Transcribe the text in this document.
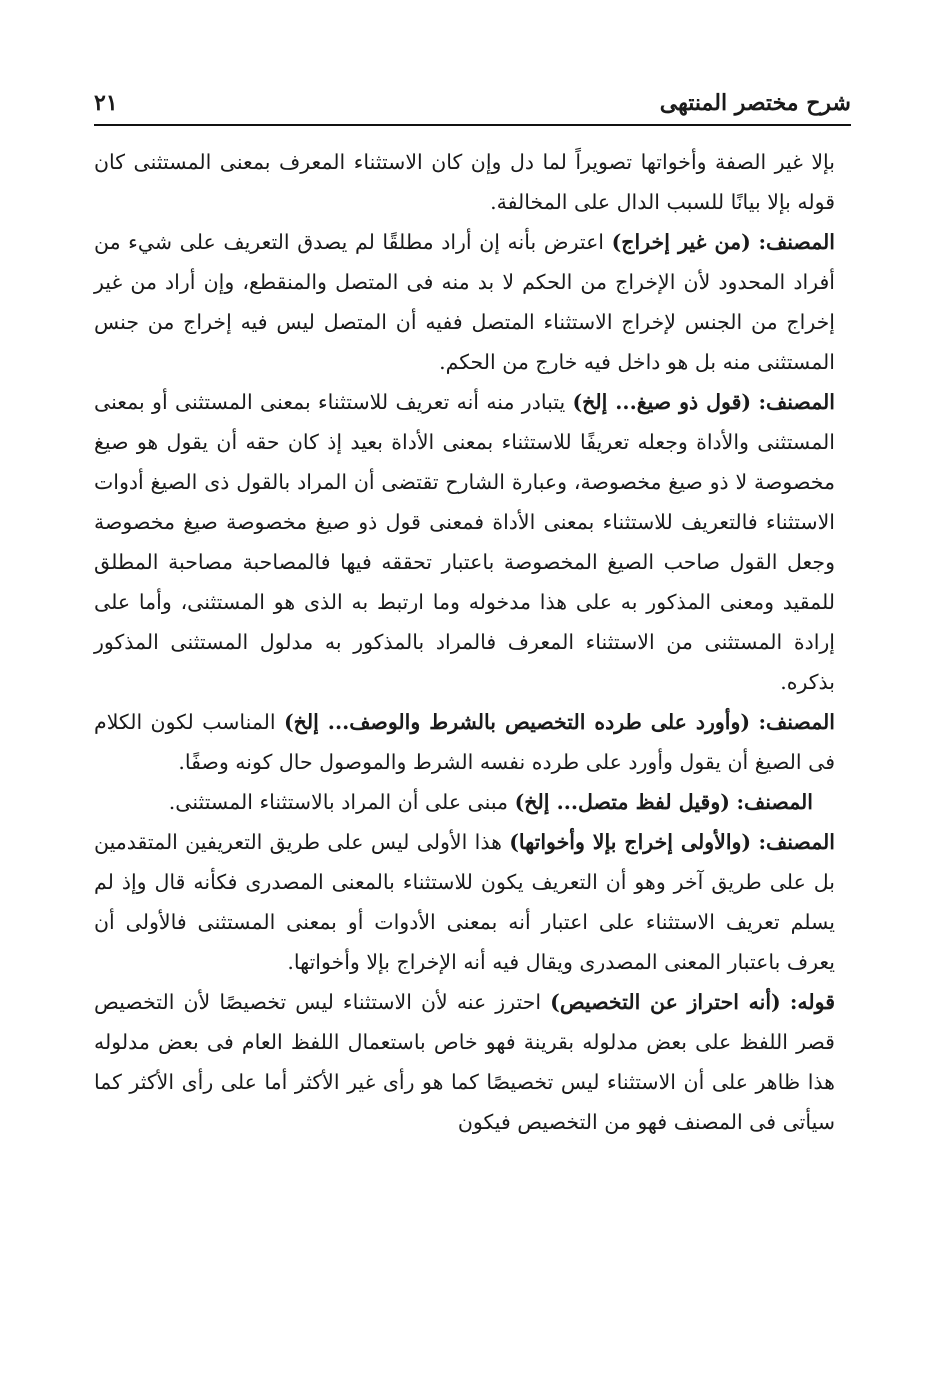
شرح مختصر المنتهى
٢١

بإلا غير الصفة وأخواتها تصويراً لما دل وإن كان الاستثناء المعرف بمعنى المستثنى كان قوله بإلا بيانًا للسبب الدال على المخالفة.

المصنف: (من غير إخراج) اعترض بأنه إن أراد مطلقًا لم يصدق التعريف على شيء من أفراد المحدود لأن الإخراج من الحكم لا بد منه فى المتصل والمنقطع، وإن أراد من غير إخراج من الجنس لإخراج الاستثناء المتصل ففيه أن المتصل ليس فيه إخراج من جنس المستثنى منه بل هو داخل فيه خارج من الحكم.

المصنف: (قول ذو صيغ... إلخ) يتبادر منه أنه تعريف للاستثناء بمعنى المستثنى أو بمعنى المستثنى والأداة وجعله تعريفًا للاستثناء بمعنى الأداة بعيد إذ كان حقه أن يقول هو صيغ مخصوصة لا ذو صيغ مخصوصة، وعبارة الشارح تقتضى أن المراد بالقول ذى الصيغ أدوات الاستثناء فالتعريف للاستثناء بمعنى الأداة فمعنى قول ذو صيغ مخصوصة صيغ مخصوصة وجعل القول صاحب الصيغ المخصوصة باعتبار تحققه فيها فالمصاحبة مصاحبة المطلق للمقيد ومعنى المذكور به على هذا مدخوله وما ارتبط به الذى هو المستثنى، وأما على إرادة المستثنى من الاستثناء المعرف فالمراد بالمذكور به مدلول المستثنى المذكور بذكره.

المصنف: (وأورد على طرده التخصيص بالشرط والوصف... إلخ) المناسب لكون الكلام فى الصيغ أن يقول وأورد على طرده نفسه الشرط والموصول حال كونه وصفًا.

المصنف: (وقيل لفظ متصل... إلخ) مبنى على أن المراد بالاستثناء المستثنى.

المصنف: (والأولى إخراج بإلا وأخواتها) هذا الأولى ليس على طريق التعريفين المتقدمين بل على طريق آخر وهو أن التعريف يكون للاستثناء بالمعنى المصدرى فكأنه قال وإذ لم يسلم تعريف الاستثناء على اعتبار أنه بمعنى الأدوات أو بمعنى المستثنى فالأولى أن يعرف باعتبار المعنى المصدرى ويقال فيه أنه الإخراج بإلا وأخواتها.

قوله: (أنه احتراز عن التخصيص) احترز عنه لأن الاستثناء ليس تخصيصًا لأن التخصيص قصر اللفظ على بعض مدلوله بقرينة فهو خاص باستعمال اللفظ العام فى بعض مدلوله هذا ظاهر على أن الاستثناء ليس تخصيصًا كما هو رأى غير الأكثر أما على رأى الأكثر كما سيأتى فى المصنف فهو من التخصيص فيكون
